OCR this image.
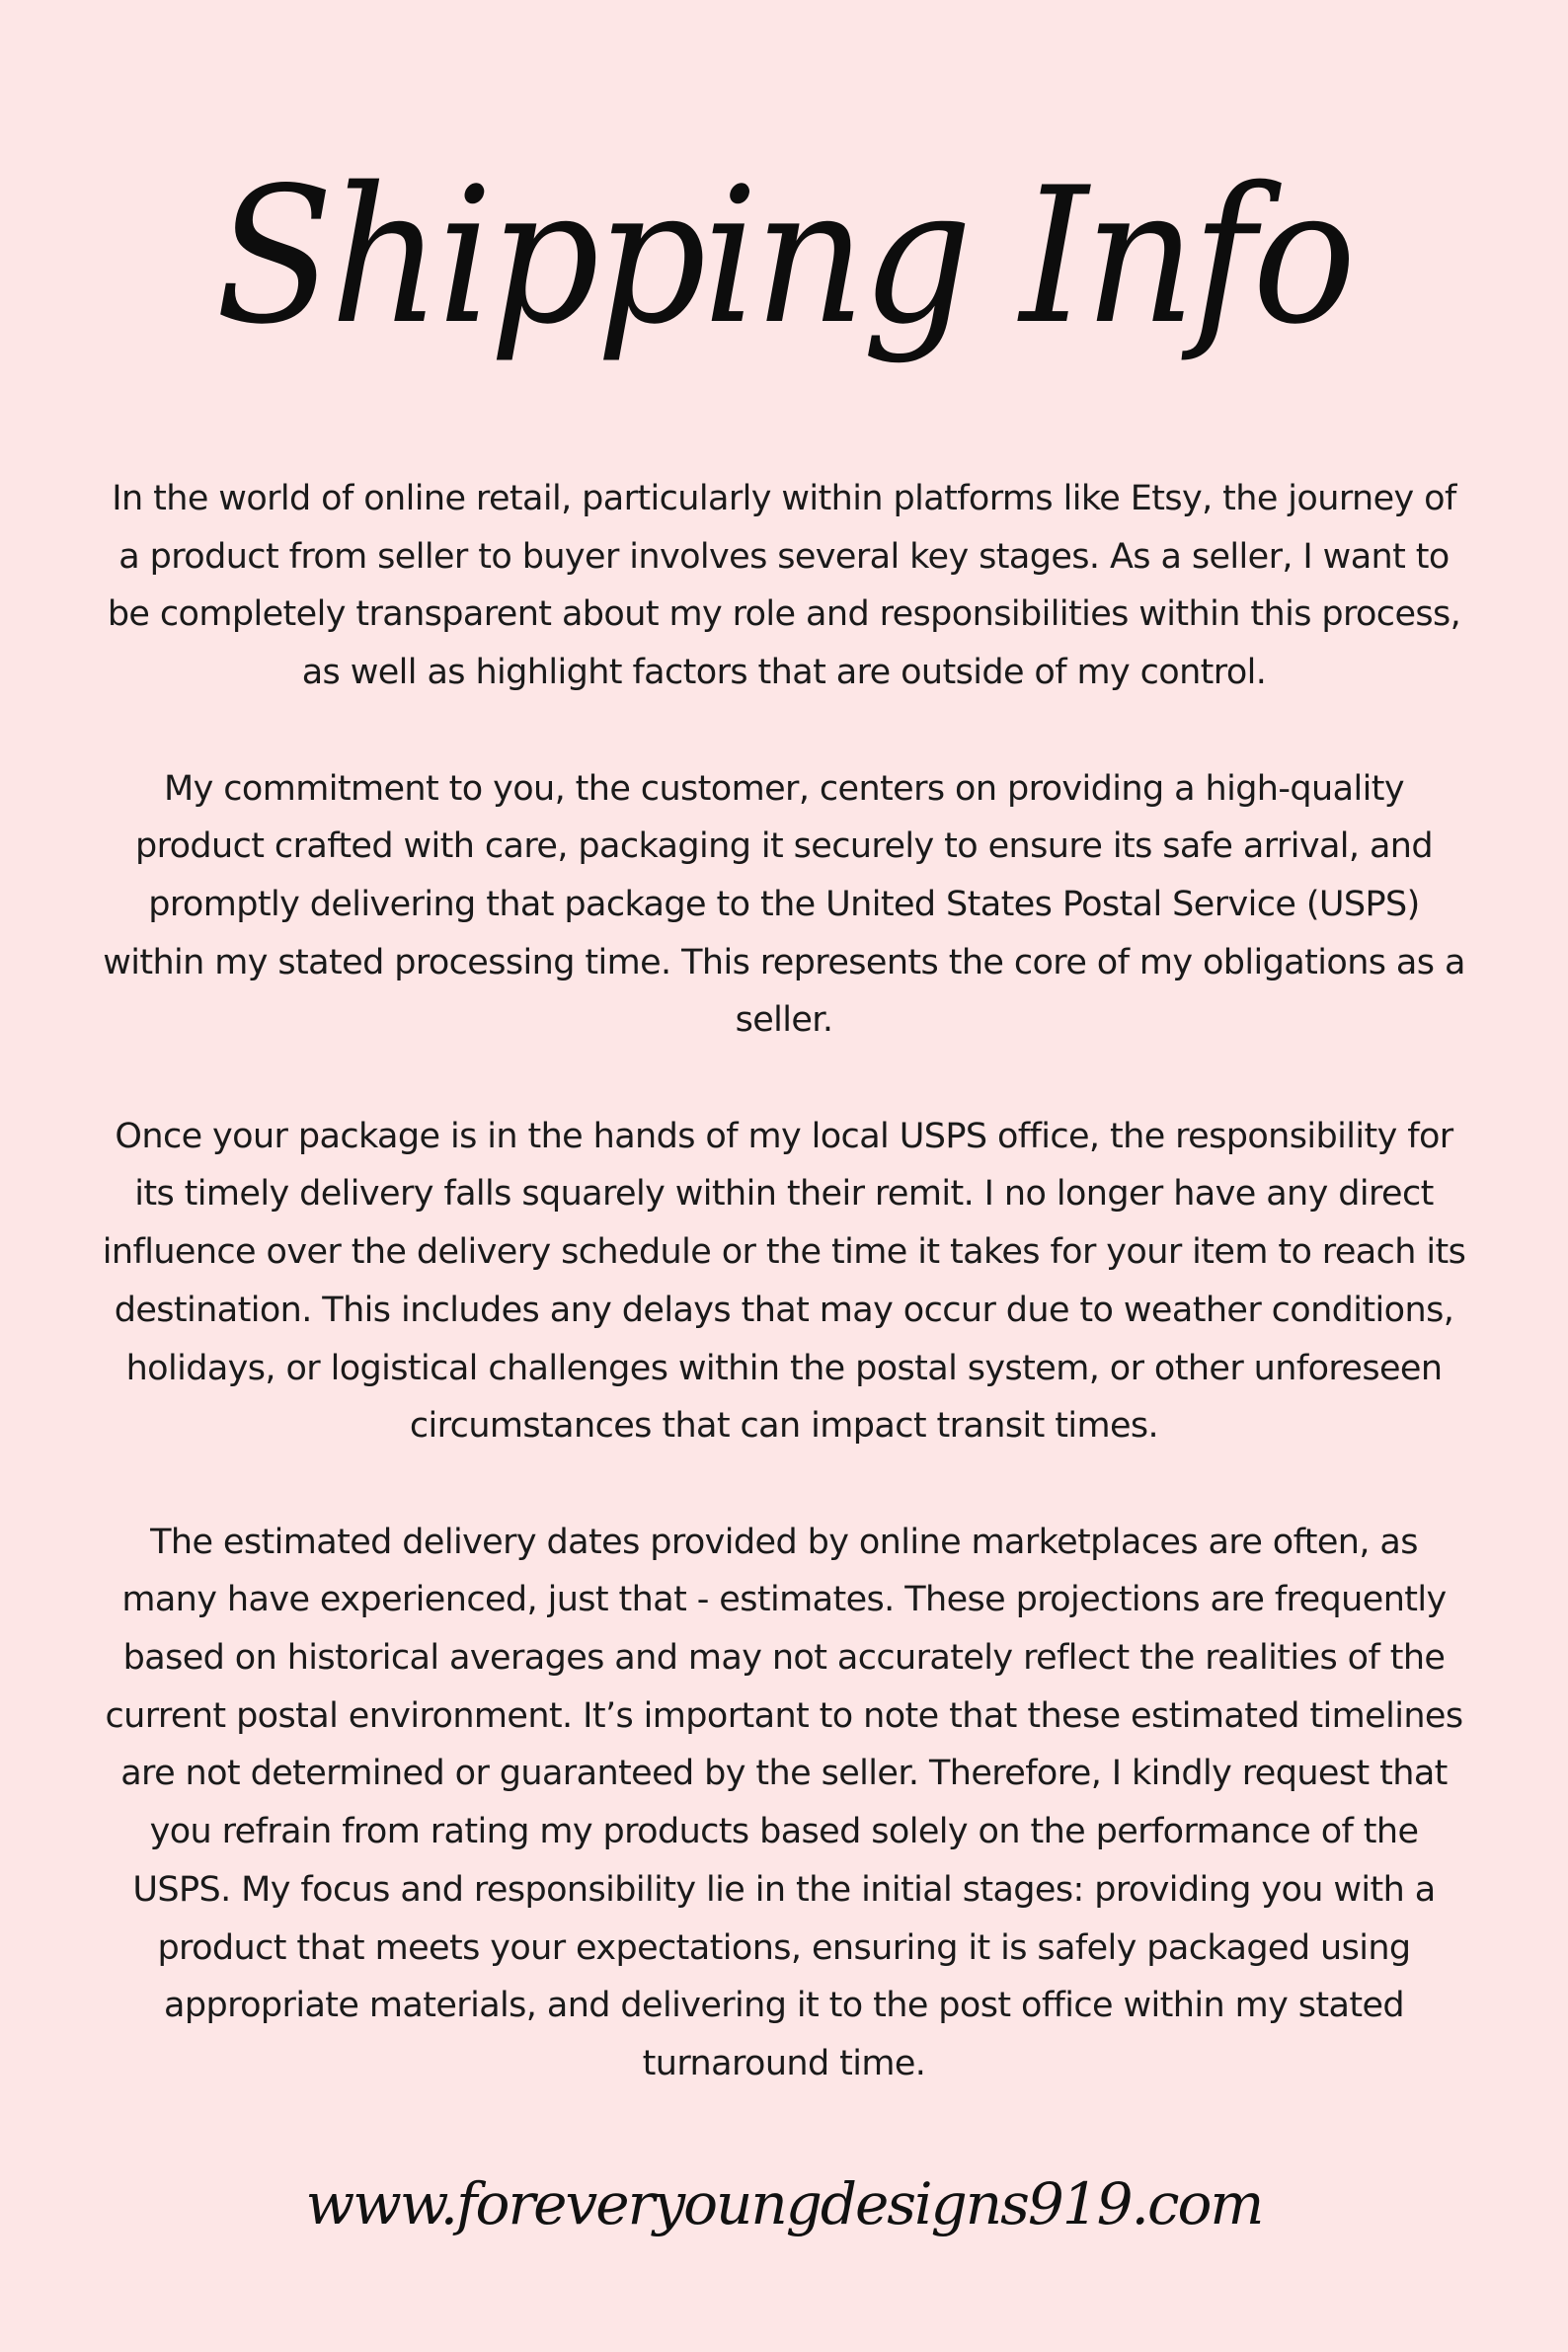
Shipping Info

In the world of online retail, particularly within platforms like Etsy, the journey of a product from seller to buyer involves several key stages. As a seller, I want to be completely transparent about my role and responsibilities within this process, as well as highlight factors that are outside of my control.

My commitment to you, the customer, centers on providing a high-quality product crafted with care, packaging it securely to ensure its safe arrival, and promptly delivering that package to the United States Postal Service (USPS) within my stated processing time. This represents the core of my obligations as a seller.

Once your package is in the hands of my local USPS office, the responsibility for its timely delivery falls squarely within their remit. I no longer have any direct influence over the delivery schedule or the time it takes for your item to reach its destination. This includes any delays that may occur due to weather conditions, holidays, or logistical challenges within the postal system, or other unforeseen circumstances that can impact transit times.

The estimated delivery dates provided by online marketplaces are often, as many have experienced, just that - estimates. These projections are frequently based on historical averages and may not accurately reflect the realities of the current postal environment. It’s important to note that these estimated timelines are not determined or guaranteed by the seller. Therefore, I kindly request that you refrain from rating my products based solely on the performance of the USPS. My focus and responsibility lie in the initial stages: providing you with a product that meets your expectations, ensuring it is safely packaged using appropriate materials, and delivering it to the post office within my stated turnaround time.

www.foreveryoungdesigns919.com
